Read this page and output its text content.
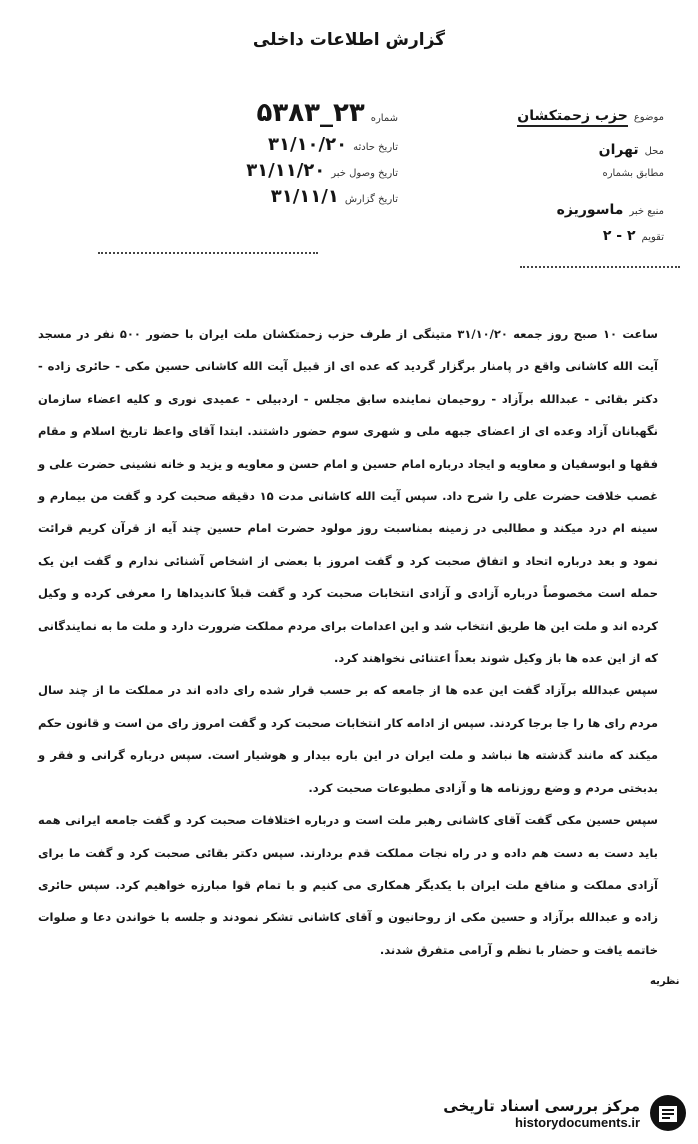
گزارش اطلاعات داخلی
موضوع
حزب زحمتکشان
محل
تهران
مطابق بشماره
منبع خبر
ماسوریزه
تقویم
۲ - ۲
شماره
۵۳۸۳_۲۳
تاریخ حادثه
۳۱/۱۰/۲۰
تاریخ وصول خبر
۳۱/۱۱/۲۰
تاریخ گزارش
۳۱/۱۱/۱

ساعت ۱۰ صبح روز جمعه ۳۱/۱۰/۲۰ متینگی از طرف حزب زحمتکشان ملت ایران با حضور ۵۰۰ نفر در مسجد آیت الله کاشانی واقع در پامنار برگزار گردید که عده ای از قبیل آیت الله کاشانی حسین مکی - حائری زاده - دکتر بقائی - عبدالله برآزاد - روحیمان نماینده سابق مجلس - اردبیلی - عمیدی نوری و کلیه اعضاء سازمان نگهبانان آزاد وعده ای از اعضای جبهه ملی و شهری سوم حضور داشتند. ابتدا آقای واعظ تاریخ اسلام و مقام فقها و ابوسفیان و معاویه و ایجاد درباره امام حسین و امام حسن و معاویه و یزید و خانه نشینی حضرت علی و غصب خلافت حضرت علی را شرح داد. سپس آیت الله کاشانی مدت ۱۵ دقیقه صحبت کرد و گفت من بیمارم و سینه ام درد میکند و مطالبی در زمینه بمناسبت روز مولود حضرت امام حسین چند آیه از قرآن کریم قرائت نمود و بعد درباره اتحاد و اتفاق صحبت کرد و گفت امروز با بعضی از اشخاص آشنائی ندارم و گفت این یک حمله است مخصوصاً درباره آزادی و آزادی انتخابات صحبت کرد و گفت قبلاً کاندیداها را معرفی کرده و وکیل کرده اند و ملت این ها طریق انتخاب شد و این اعدامات برای مردم مملکت ضرورت دارد و ملت ما به نمایندگانی که از این عده ها باز وکیل شوند بعداً اعتنائی نخواهند کرد.

سپس عبدالله برآزاد گفت این عده ها از جامعه که بر حسب قرار شده رای داده اند در مملکت ما از چند سال مردم رای ها را جا برجا کردند. سپس از ادامه کار انتخابات صحبت کرد و گفت امروز رای من است و قانون حکم میکند که مانند گذشته ها نباشد و ملت ایران در این باره بیدار و هوشیار است. سپس درباره گرانی و فقر و بدبختی مردم و وضع روزنامه ها و آزادی مطبوعات صحبت کرد.

سپس حسین مکی گفت آقای کاشانی رهبر ملت است و درباره اختلافات صحبت کرد و گفت جامعه ایرانی همه باید دست به دست هم داده و در راه نجات مملکت قدم بردارند. سپس دکتر بقائی صحبت کرد و گفت ما برای آزادی مملکت و منافع ملت ایران با یکدیگر همکاری می کنیم و با تمام قوا مبارزه خواهیم کرد. سپس حائری زاده و عبدالله برآزاد و حسین مکی از روحانیون و آقای کاشانی تشکر نمودند و جلسه با خواندن دعا و صلوات خاتمه یافت و حضار با نظم و آرامی متفرق شدند.

نظریه
مرکز بررسی اسناد تاریخی
historydocuments.ir
